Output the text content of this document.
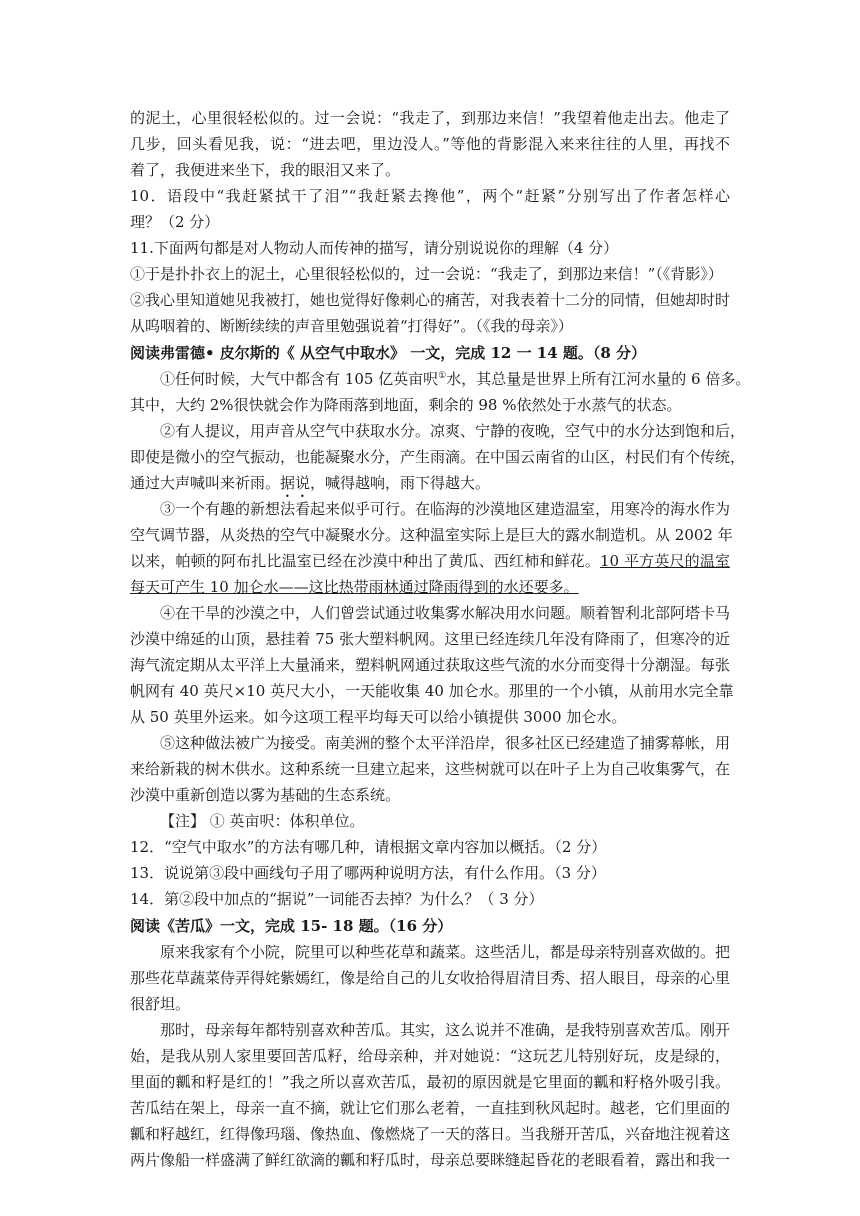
的泥土，心里很轻松似的。过一会说：“我走了，到那边来信！”我望着他走出去。他走了
几步，回头看见我，说：“进去吧，里边没人。”等他的背影混入来来往往的人里，再找不
着了，我便进来坐下，我的眼泪又来了。
10．语段中“我赶紧拭干了泪”“我赶紧去搀他”，两个“赶紧”分别写出了作者怎样心
理？（2 分）
11.下面两句都是对人物动人而传神的描写，请分别说说你的理解（4 分）
①于是扑扑衣上的泥土，心里很轻松似的，过一会说：“我走了，到那边来信！”（《背影》）
②我心里知道她见我被打，她也觉得好像刺心的痛苦，对我表着十二分的同情，但她却时时
从呜咽着的、断断续续的声音里勉强说着“打得好”。（《我的母亲》）
阅读弗雷德• 皮尔斯的《 从空气中取水》 一文，完成 12 一 14 题。（8 分）
①任何时候，大气中都含有 105 亿英亩呎①水，其总量是世界上所有江河水量的 6 倍多。
其中，大约 2%很快就会作为降雨落到地面，剩余的 98 %依然处于水蒸气的状态。
②有人提议，用声音从空气中获取水分。凉爽、宁静的夜晚，空气中的水分达到饱和后，
即使是微小的空气振动，也能凝聚水分，产生雨滴。在中国云南省的山区，村民们有个传统，
通过大声喊叫来祈雨。据说，喊得越响，雨下得越大。
③一个有趣的新想法看起来似乎可行。在临海的沙漠地区建造温室，用寒冷的海水作为
空气调节器，从炎热的空气中凝聚水分。这种温室实际上是巨大的露水制造机。从 2002 年
以来，帕顿的阿布扎比温室已经在沙漠中种出了黄瓜、西红柿和鲜花。10 平方英尺的温室
每天可产生 10 加仑水——这比热带雨林通过降雨得到的水还要多。
④在干旱的沙漠之中，人们曾尝试通过收集雾水解决用水问题。顺着智利北部阿塔卡马
沙漠中绵延的山顶，悬挂着 75 张大塑料帆网。这里已经连续几年没有降雨了，但寒冷的近
海气流定期从太平洋上大量涌来，塑料帆网通过获取这些气流的水分而变得十分潮湿。每张
帆网有 40 英尺×10 英尺大小，一天能收集 40 加仑水。那里的一个小镇，从前用水完全靠
从 50 英里外运来。如今这项工程平均每天可以给小镇提供 3000 加仑水。
⑤这种做法被广为接受。南美洲的整个太平洋沿岸，很多社区已经建造了捕雾幕帐，用
来给新栽的树木供水。这种系统一旦建立起来，这些树就可以在叶子上为自己收集雾气，在
沙漠中重新创造以雾为基础的生态系统。
【注】 ① 英亩呎：体积单位。
12．“空气中取水”的方法有哪几种，请根据文章内容加以概括。（2 分）
13．说说第③段中画线句子用了哪两种说明方法，有什么作用。（3 分）
14．第②段中加点的“据说”一词能否去掉？为什么？（ 3 分）
阅读《苦瓜》一文，完成 15- 18 题。（16 分）
原来我家有个小院，院里可以种些花草和蔬菜。这些活儿，都是母亲特别喜欢做的。把
那些花草蔬菜侍弄得姹紫嫣红，像是给自己的儿女收拾得眉清目秀、招人眼目，母亲的心里
很舒坦。
那时，母亲每年都特别喜欢种苦瓜。其实，这么说并不准确，是我特别喜欢苦瓜。刚开
始，是我从别人家里要回苦瓜籽，给母亲种，并对她说：“这玩艺儿特别好玩，皮是绿的，
里面的瓤和籽是红的！”我之所以喜欢苦瓜，最初的原因就是它里面的瓤和籽格外吸引我。
苦瓜结在架上，母亲一直不摘，就让它们那么老着，一直挂到秋风起时。越老，它们里面的
瓤和籽越红，红得像玛瑙、像热血、像燃烧了一天的落日。当我掰开苦瓜，兴奋地注视着这
两片像船一样盛满了鲜红欲滴的瓤和籽瓜时，母亲总要眯缝起昏花的老眼看着，露出和我一
